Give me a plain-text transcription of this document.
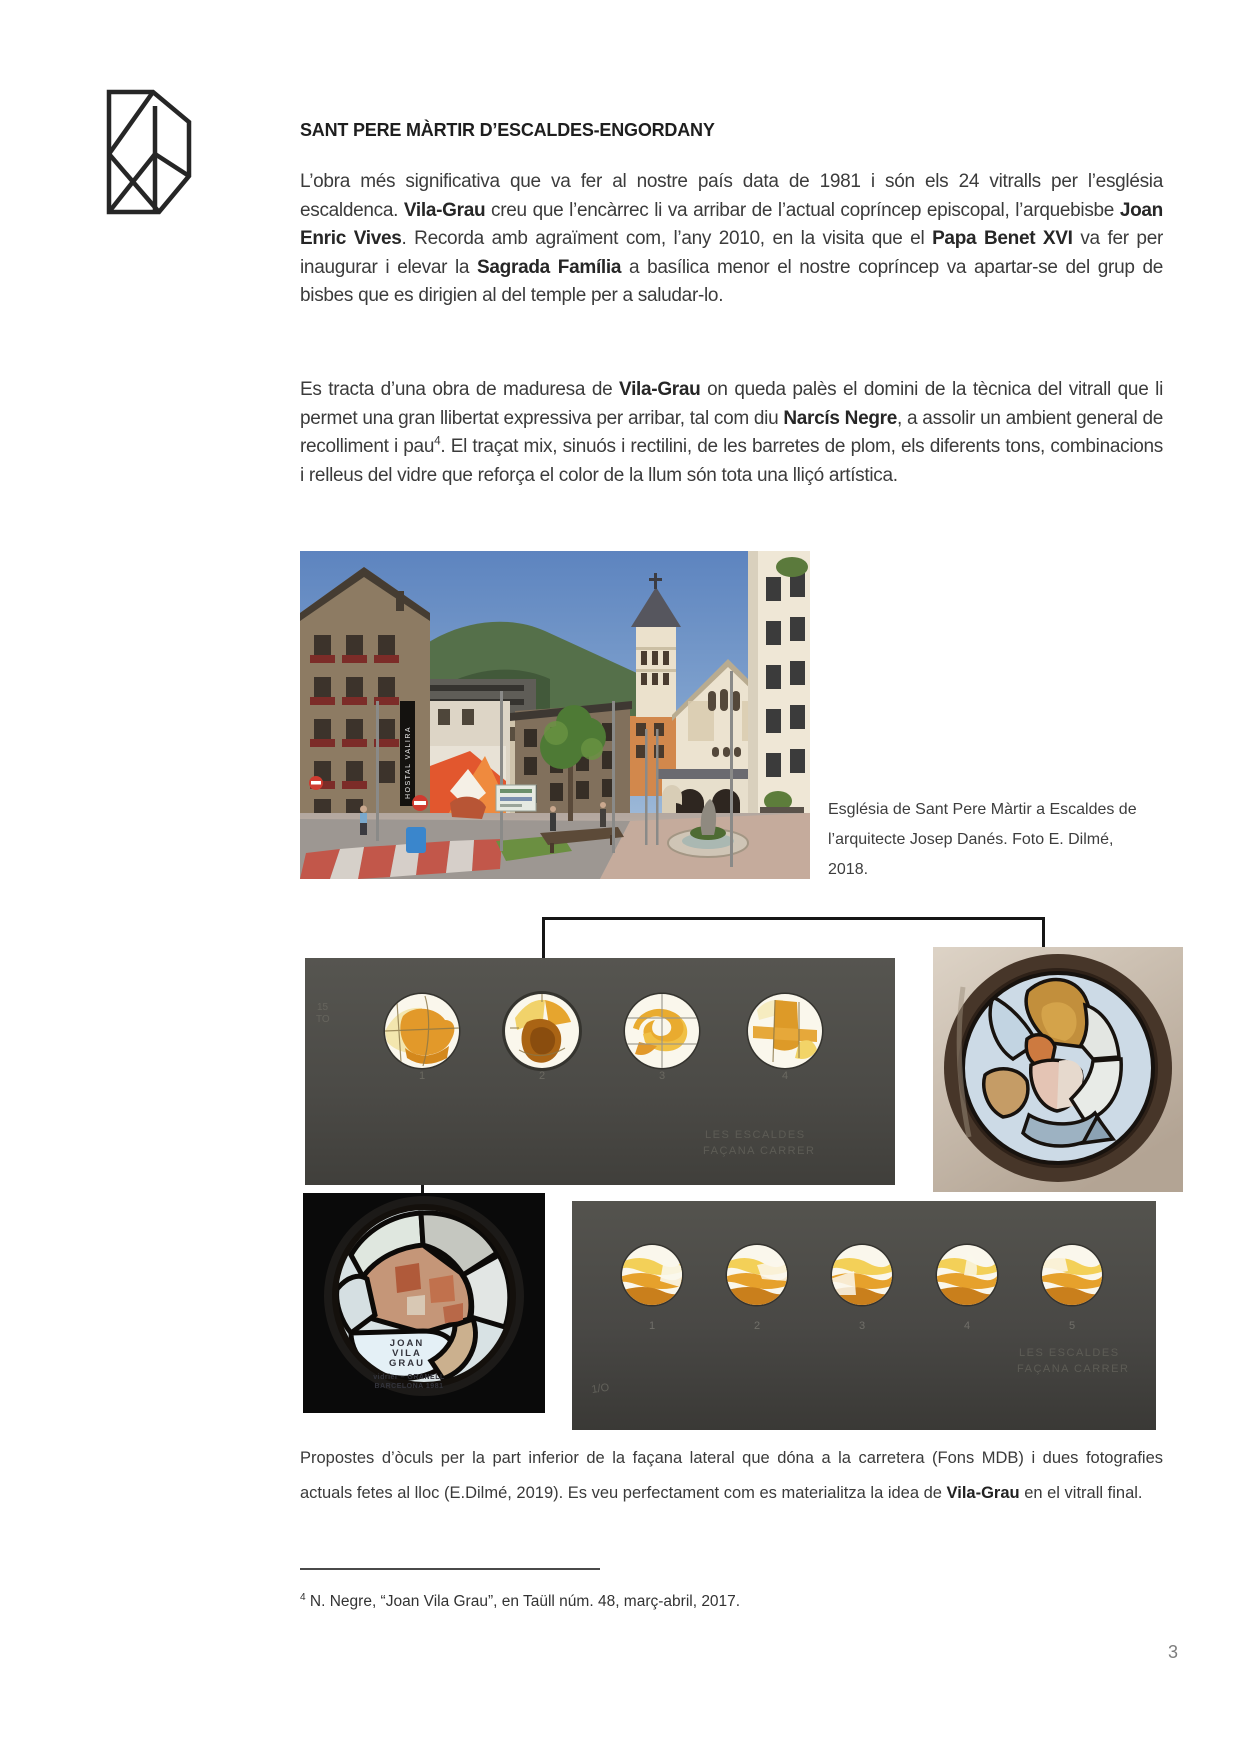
SANT PERE MÀRTIR D’ESCALDES-ENGORDANY
L’obra més significativa que va fer al nostre país data de 1981 i són els 24 vitralls per l’església escaldenca. Vila-Grau creu que l’encàrrec li va arribar de l’actual copríncep episcopal, l’arquebisbe Joan Enric Vives. Recorda amb agraïment com, l’any 2010, en la visita que el Papa Benet XVI va fer per inaugurar i elevar la Sagrada Família a basílica menor el nostre copríncep va apartar-se del grup de bisbes que es dirigien al del temple per a saludar-lo.
Es tracta d’una obra de maduresa de Vila-Grau on queda palès el domini de la tècnica del vitrall que li permet una gran llibertat expressiva per arribar, tal com diu Narcís Negre, a assolir un ambient general de recolliment i pau$^4$. El traçat mix, sinuós i rectilini, de les barretes de plom, els diferents tons, combinacions i relleus del vidre que reforça el color de la llum són tota una lliçó artística.
HOSTAL VALIRA
Església de Sant Pere Màrtir a Escaldes de l’arquitecte Josep Danés. Foto E. Dilmé, 2018.
1	2	3	4
15
TO
LES ESCALDES
FAÇANA CARRER
JOAN
VILA
GRAU
vidrier – GRANELL
BARCELONA 1981
1	2	3	4	5
1/O
LES ESCALDES
FAÇANA CARRER
Propostes d’òculs per la part inferior de la façana lateral que dóna a la carretera (Fons MDB) i dues fotografies actuals fetes al lloc (E.Dilmé, 2019). Es veu perfectament com es materialitza la idea de Vila-Grau en el vitrall final.
$^4$ N. Negre, “Joan Vila Grau”, en Taüll núm. 48, març-abril, 2017.
3
